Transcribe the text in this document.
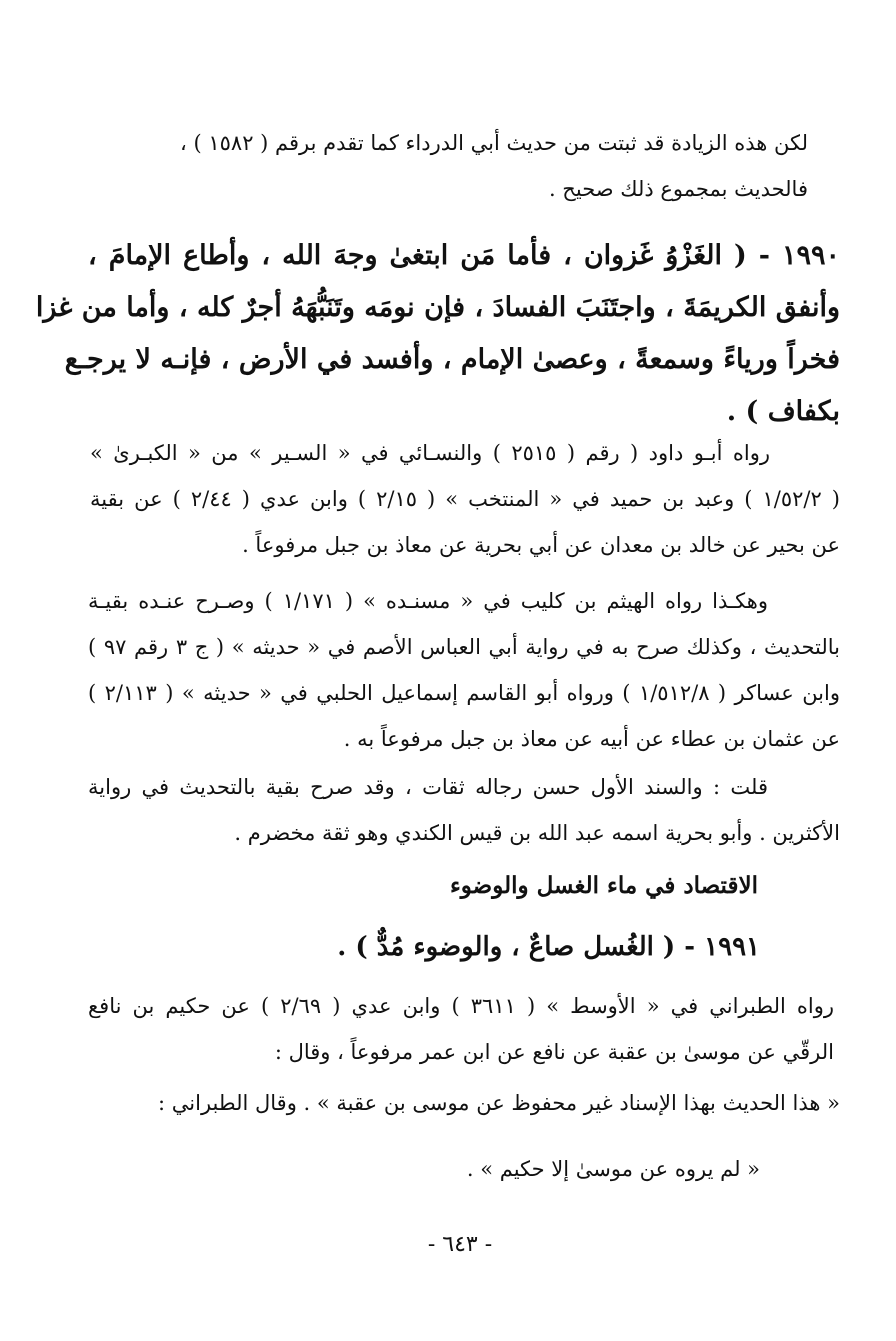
لكن هذه الزيادة قد ثبتت من حديث أبي الدرداء كما تقدم برقم ( ١٥٨٢ ) ،
فالحديث بمجموع ذلك صحيح .
١٩٩٠ - ( الغَزْوُ غَزوان ، فأما مَن ابتغىٰ وجهَ الله ، وأطاع الإمامَ ،
وأنفق الكريمَةَ ، واجتَنَبَ الفسادَ ، فإن نومَه وتَنَبُّهَهُ أجرٌ كله ، وأما من غزا
فخراً ورياءً وسمعةً ، وعصىٰ الإمام ، وأفسد في الأرض ، فإنـه لا يرجـع
بكفاف ) .
رواه أبـو داود ( رقم ( ٢٥١٥ ) والنسـائي في « السـير » من « الكبـرىٰ »
( ١/٥٢/٢ ) وعبد بن حميد في « المنتخب » ( ٢/١٥ ) وابن عدي ( ٢/٤٤ ) عن بقية
عن بحير عن خالد بن معدان عن أبي بحرية عن معاذ بن جبل مرفوعاً .
وهكـذا رواه الهيثم بن كليب في « مسنـده » ( ١/١٧١ ) وصـرح عنـده بقيـة
بالتحديث ، وكذلك صرح به في رواية أبي العباس الأصم في « حديثه » ( ج ٣ رقم ٩٧ )
وابن عساكر ( ١/٥١٢/٨ ) ورواه أبو القاسم إسماعيل الحلبي في « حديثه » ( ٢/١١٣ )
عن عثمان بن عطاء عن أبيه عن معاذ بن جبل مرفوعاً به .
قلت : والسند الأول حسن رجاله ثقات ، وقد صرح بقية بالتحديث في رواية
الأكثرين . وأبو بحرية اسمه عبد الله بن قيس الكندي وهو ثقة مخضرم .
الاقتصاد في ماء الغسل والوضوء
١٩٩١ - ( الغُسل صاعٌ ، والوضوء مُدٌّ ) .
رواه الطبراني في « الأوسط » ( ٣٦١١ ) وابن عدي ( ٢/٦٩ ) عن حكيم بن نافع
الرقّي عن موسىٰ بن عقبة عن نافع عن ابن عمر مرفوعاً ، وقال :
« هذا الحديث بهذا الإسناد غير محفوظ عن موسى بن عقبة » . وقال الطبراني :
« لم يروه عن موسىٰ إلا حكيم » .
- ٦٤٣ -
